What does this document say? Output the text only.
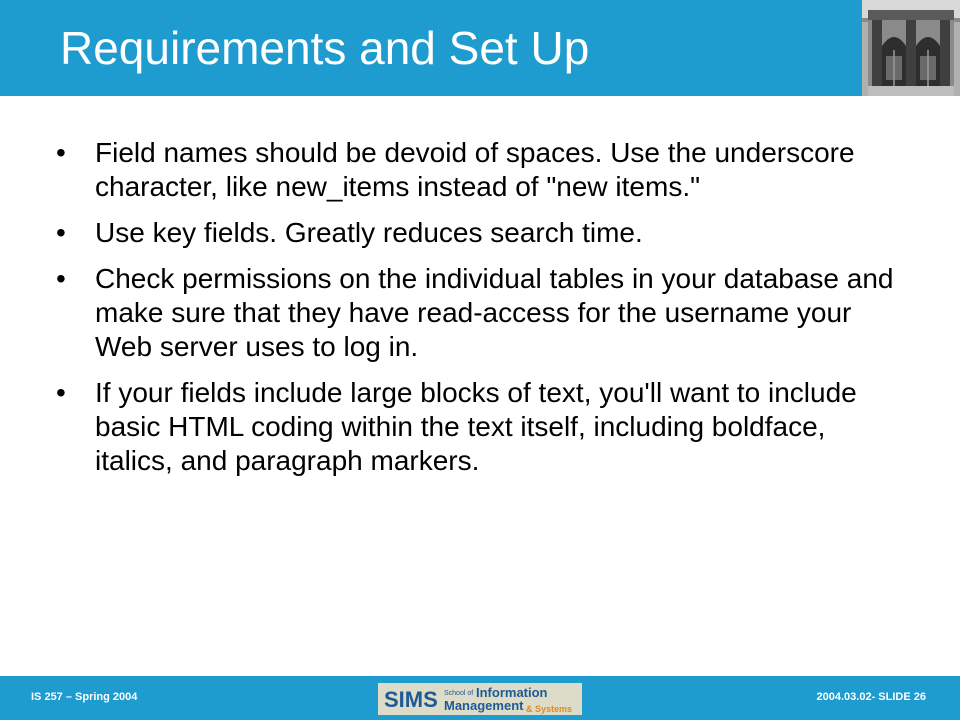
Requirements and Set Up
• Field names should be devoid of spaces. Use the underscore character, like new_items instead of "new items."
• Use key fields. Greatly reduces search time.
• Check permissions on the individual tables in your database and make sure that they have read-access for the username your Web server uses to log in.
• If your fields include large blocks of text, you'll want to include basic HTML coding within the text itself, including boldface, italics, and paragraph markers.
IS 257 – Spring 2004	SIMS School of Information
Management & Systems
2004.03.02- SLIDE 26
